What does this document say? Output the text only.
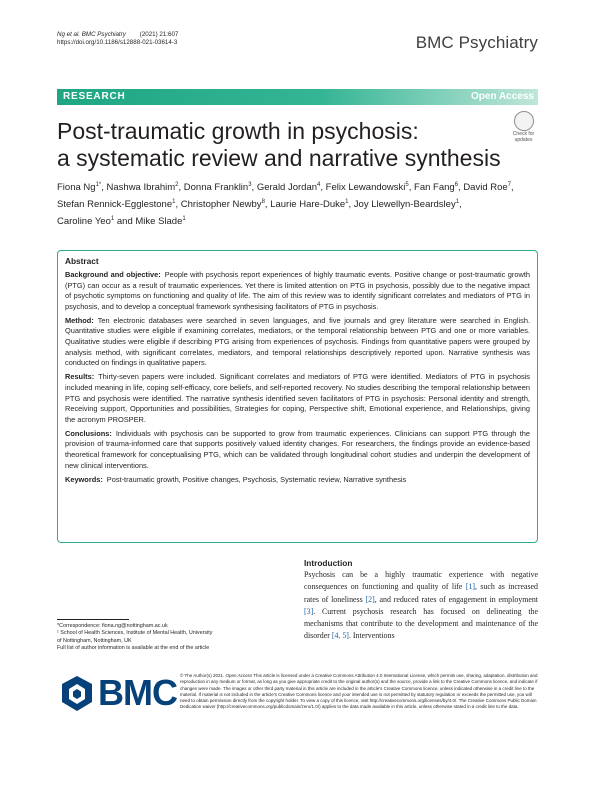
Ng et al. BMC Psychiatry (2021) 21:607
https://doi.org/10.1186/s12888-021-03614-3	BMC Psychiatry
RESEARCH	Open Access
Post-traumatic growth in psychosis:
a systematic review and narrative synthesis
Check for
updates
Fiona $Ng^{1*}$, Nashwa Ibrahim$^2$, Donna Franklin$^3$, Gerald Jordan$^4$, Felix Lewandowski$^5$, Fan Fang$^6$, David Roe$^7$,
Stefan Rennick-Egglestone$^1$, Christopher Newby$^8$, Laurie Hare-Duke$^1$, Joy Llewellyn-Beardsley$^1$,
Caroline Yeo$^1$ and Mike Slade$^1$
Abstract

Background and objective: People with psychosis report experiences of highly traumatic events. Positive change or post-traumatic growth (PTG) can occur as a result of traumatic experiences. Yet there is limited attention on PTG in psychosis, possibly due to the negative impact of psychotic symptoms on functioning and quality of life. The aim of this review was to identify significant correlates and mediators of PTG in psychosis, and to develop a conceptual framework synthesising facilitators of PTG in psychosis.

Method: Ten electronic databases were searched in seven languages, and five journals and grey literature were searched in English. Quantitative studies were eligible if examining correlates, mediators, or the temporal relationship between PTG and one or more variables. Qualitative studies were eligible if describing PTG arising from experiences of psychosis. Findings from quantitative papers were grouped by analysis method, with significant correlates, mediators, and temporal relationships descriptively reported upon. Narrative synthesis was conducted on findings in qualitative papers.

Results: Thirty-seven papers were included. Significant correlates and mediators of PTG were identified. Mediators of PTG in psychosis included meaning in life, coping self-efficacy, core beliefs, and self-reported recovery. No studies describing the temporal relationship between PTG and psychosis were identified. The narrative synthesis identified seven facilitators of PTG in psychosis: Personal identity and strength, Receiving support, Opportunities and possibilities, Strategies for coping, Perspective shift, Emotional experience, and Relationships, giving the acronym PROSPER.

Conclusions: Individuals with psychosis can be supported to grow from traumatic experiences. Clinicians can support PTG through the provision of trauma-informed care that supports positively valued identity changes. For researchers, the findings provide an evidence-based theoretical framework for conceptualising PTG, which can be validated through longitudinal cohort studies and underpin the development of new clinical interventions.

Keywords: Post-traumatic growth, Positive changes, Psychosis, Systematic review, Narrative synthesis

*Correspondence: fiona.ng@nottingham.ac.uk
¹ School of Health Sciences, Institute of Mental Health, University
of Nottingham, Nottingham, UK
Full list of author information is available at the end of the article
Introduction
Psychosis can be a highly traumatic experience with negative consequences on functioning and quality of life [1], such as increased rates of loneliness [2], and reduced rates of engagement in employment [3]. Current psychosis research has focused on delineating the mechanisms that contribute to the development and maintenance of the disorder [4, 5]. Interventions
BMC © The Author(s) 2021. Open Access This article is licensed under a Creative Commons Attribution 4.0 International License, which permits use, sharing, adaptation, distribution and reproduction in any medium or format, as long as you give appropriate credit to the original author(s) and the source, provide a link to the Creative Commons licence, and indicate if changes were made. The images or other third party material in this article are included in the article's Creative Commons licence, unless indicated otherwise in a credit line to the material. If material is not included in the article's Creative Commons licence and your intended use is not permitted by statutory regulation or exceeds the permitted use, you will need to obtain permission directly from the copyright holder. To view a copy of this licence, visit http://creativecommons.org/licenses/by/4.0/. The Creative Commons Public Domain Dedication waiver (http://creativecommons.org/publicdomain/zero/1.0/) applies to the data made available in this article, unless otherwise stated in a credit line to the data.
